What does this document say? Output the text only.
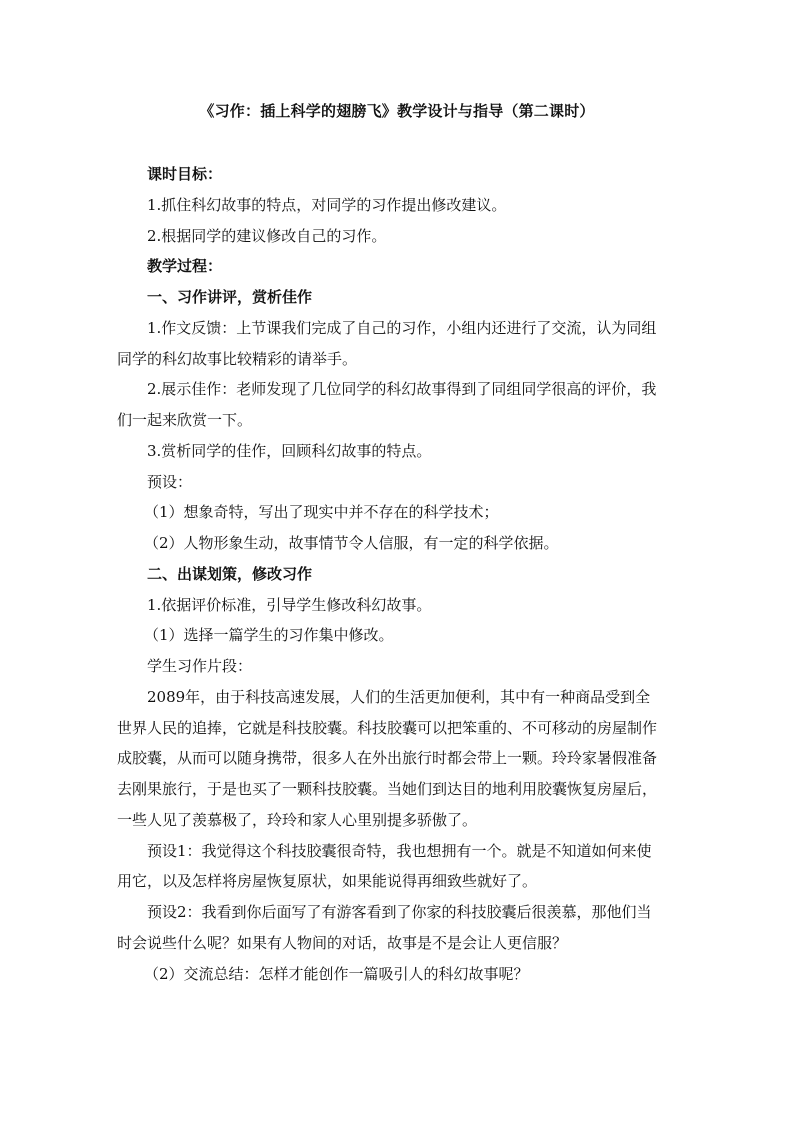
《习作：插上科学的翅膀飞》教学设计与指导（第二课时）

课时目标：

1.抓住科幻故事的特点，对同学的习作提出修改建议。

2.根据同学的建议修改自己的习作。

教学过程：

一、习作讲评，赏析佳作

1.作文反馈：上节课我们完成了自己的习作，小组内还进行了交流，认为同组同学的科幻故事比较精彩的请举手。

2.展示佳作：老师发现了几位同学的科幻故事得到了同组同学很高的评价，我们一起来欣赏一下。

3.赏析同学的佳作，回顾科幻故事的特点。

预设：

（1）想象奇特，写出了现实中并不存在的科学技术；

（2）人物形象生动，故事情节令人信服，有一定的科学依据。

二、出谋划策，修改习作

1.依据评价标准，引导学生修改科幻故事。

（1）选择一篇学生的习作集中修改。

学生习作片段：

2089年，由于科技高速发展，人们的生活更加便利，其中有一种商品受到全世界人民的追捧，它就是科技胶囊。科技胶囊可以把笨重的、不可移动的房屋制作成胶囊，从而可以随身携带，很多人在外出旅行时都会带上一颗。玲玲家暑假准备去刚果旅行，于是也买了一颗科技胶囊。当她们到达目的地利用胶囊恢复房屋后，一些人见了羡慕极了，玲玲和家人心里别提多骄傲了。

预设1：我觉得这个科技胶囊很奇特，我也想拥有一个。就是不知道如何来使用它，以及怎样将房屋恢复原状，如果能说得再细致些就好了。

预设2：我看到你后面写了有游客看到了你家的科技胶囊后很羡慕，那他们当时会说些什么呢？如果有人物间的对话，故事是不是会让人更信服？

（2）交流总结：怎样才能创作一篇吸引人的科幻故事呢？
